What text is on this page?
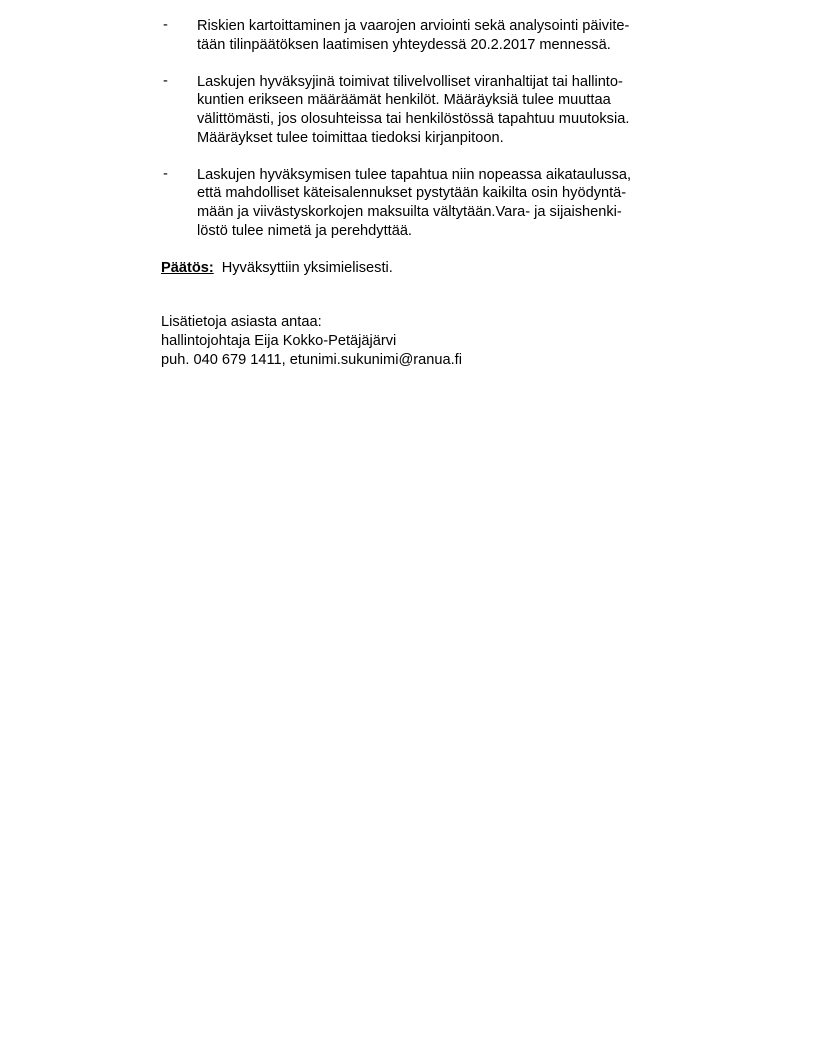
- Riskien kartoittaminen ja vaarojen arviointi sekä analysointi päivite-
tään tilinpäätöksen laatimisen yhteydessä 20.2.2017 mennessä.
- Laskujen hyväksyjinä toimivat tilivelvolliset viranhaltijat tai hallinto-
kuntien erikseen määräämät henkilöt. Määräyksiä tulee muuttaa
välittömästi, jos olosuhteissa tai henkilöstössä tapahtuu muutoksia.
Määräykset tulee toimittaa tiedoksi kirjanpitoon.
- Laskujen hyväksymisen tulee tapahtua niin nopeassa aikataulussa,
että mahdolliset käteisalennukset pystytään kaikilta osin hyödyntä-
mään ja viivästyskorkojen maksuilta vältytään.Vara- ja sijaishenki-
löstö tulee nimetä ja perehdyttää.
Päätös: Hyväksyttiin yksimielisesti.
Lisätietoja asiasta antaa:
hallintojohtaja Eija Kokko-Petäjäjärvi
puh. 040 679 1411, etunimi.sukunimi@ranua.fi
